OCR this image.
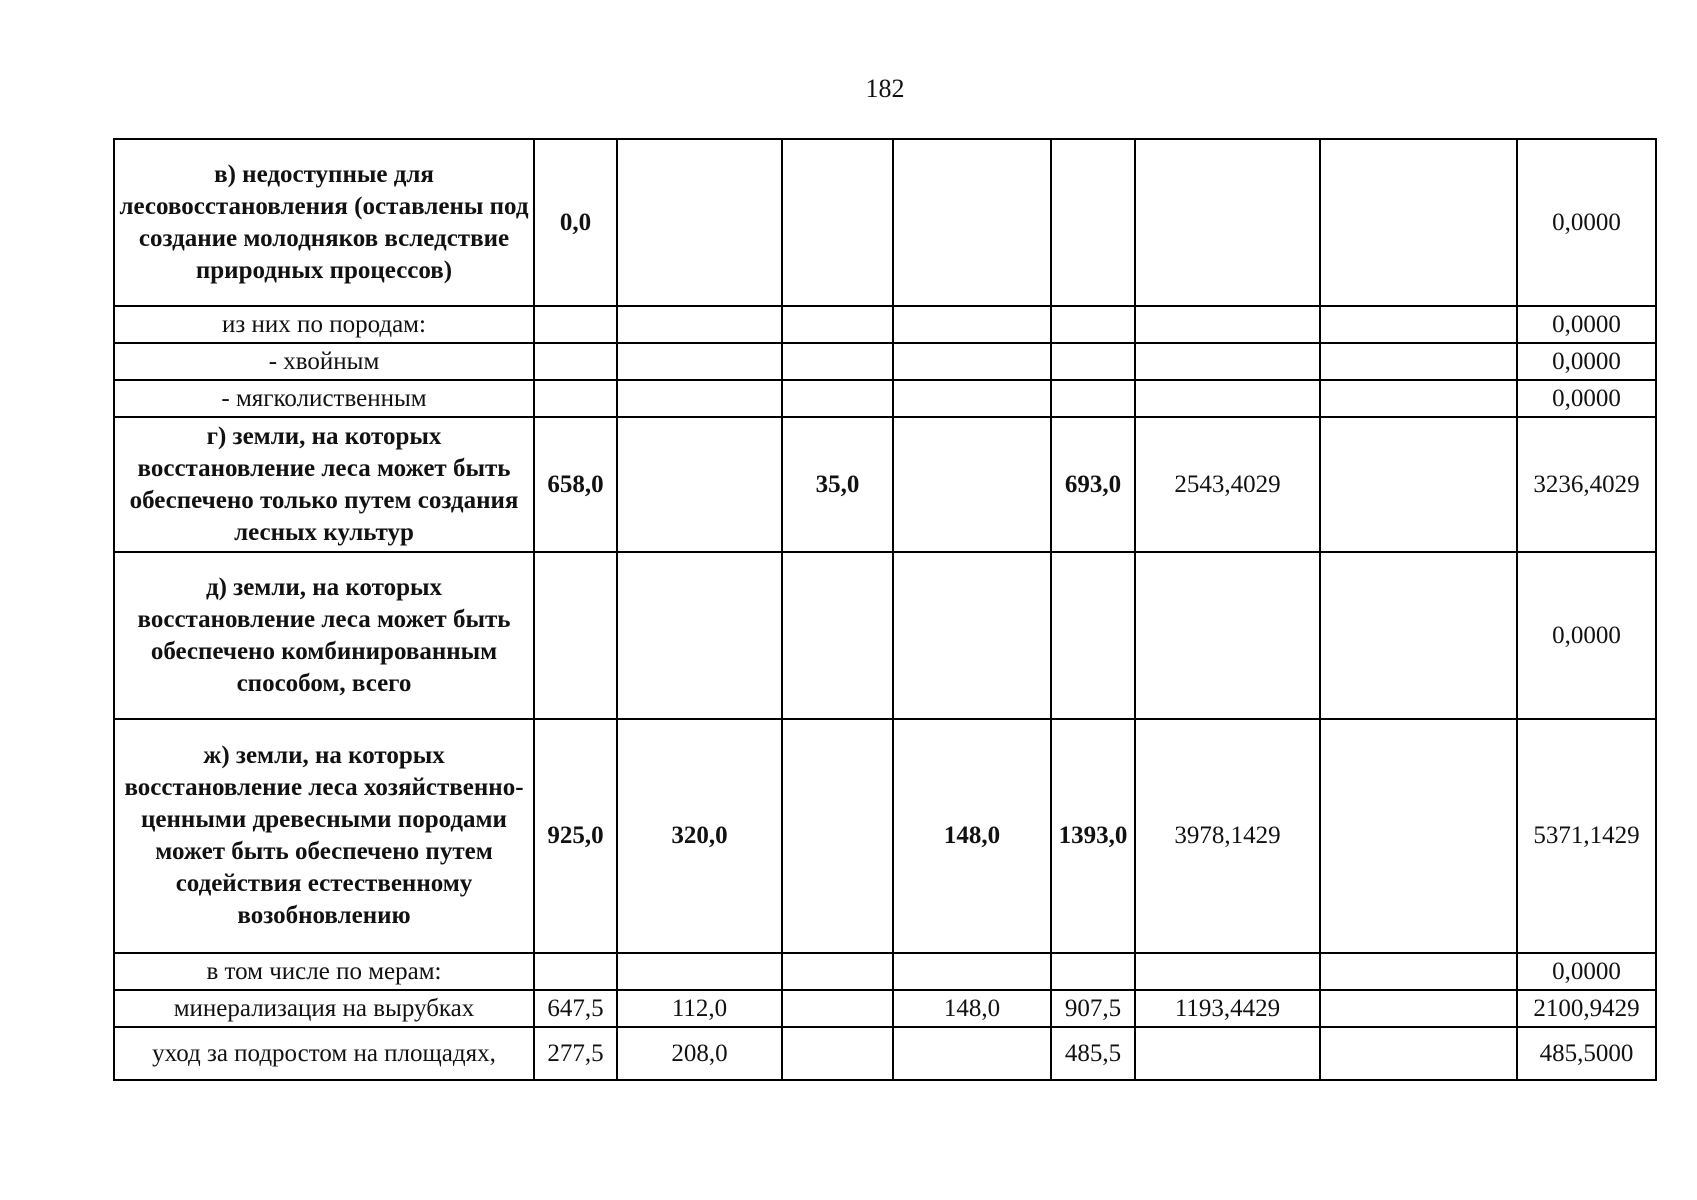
182
в) недоступные для лесовосстановления (оставлены под создание молодняков вследствие природных процессов)	0,0							0,0000
из них по породам:								0,0000
- хвойным								0,0000
- мягколиственным								0,0000
г) земли, на которых восстановление леса может быть обеспечено только путем создания лесных культур	658,0		35,0		693,0	2543,4029		3236,4029
д) земли, на которых восстановление леса может быть обеспечено комбинированным способом, всего								0,0000
ж) земли, на которых восстановление леса хозяйственно-ценными древесными породами может быть обеспечено путем содействия естественному возобновлению	925,0	320,0		148,0	1393,0	3978,1429		5371,1429
в том числе по мерам:								0,0000
минерализация на вырубках	647,5	112,0		148,0	907,5	1193,4429		2100,9429
уход за подростом на площадях,	277,5	208,0			485,5			485,5000
